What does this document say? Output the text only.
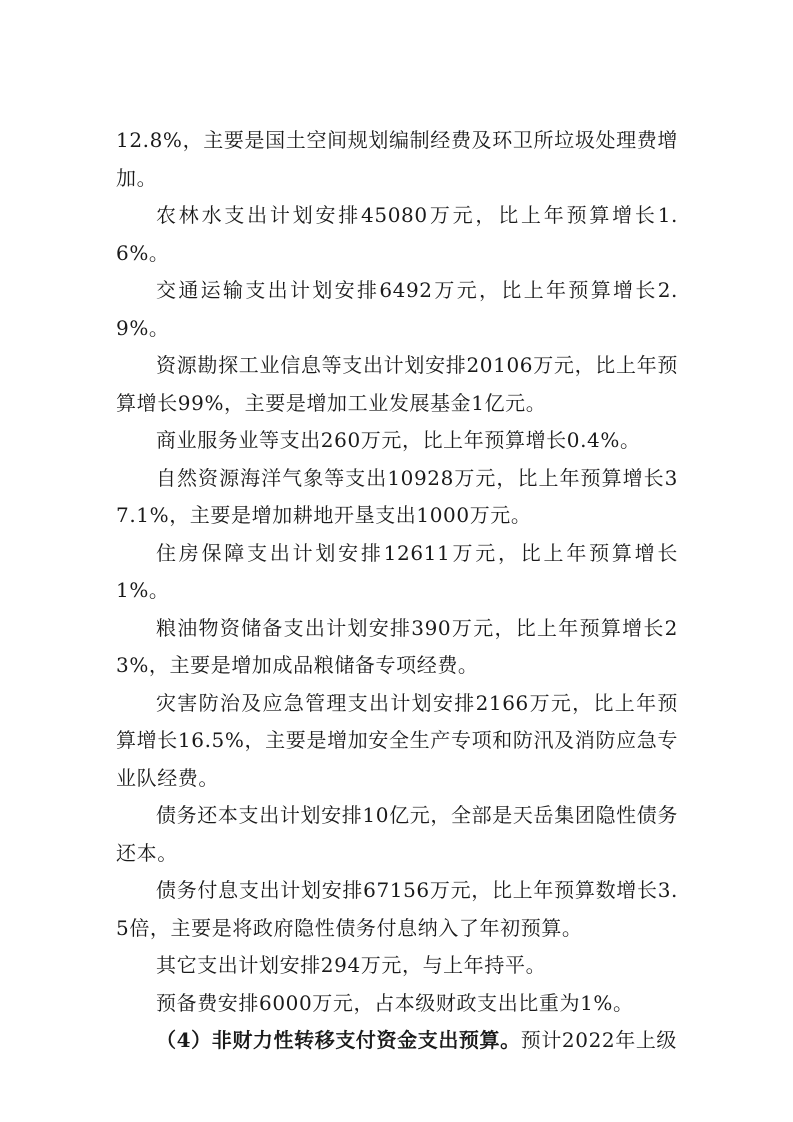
12.8%，主要是国土空间规划编制经费及环卫所垃圾处理费增加。

农林水支出计划安排45080万元，比上年预算增长1.6%。

交通运输支出计划安排6492万元，比上年预算增长2.9%。

资源勘探工业信息等支出计划安排20106万元，比上年预算增长99%，主要是增加工业发展基金1亿元。

商业服务业等支出260万元，比上年预算增长0.4%。

自然资源海洋气象等支出10928万元，比上年预算增长37.1%，主要是增加耕地开垦支出1000万元。

住房保障支出计划安排12611万元，比上年预算增长1%。

粮油物资储备支出计划安排390万元，比上年预算增长23%，主要是增加成品粮储备专项经费。

灾害防治及应急管理支出计划安排2166万元，比上年预算增长16.5%，主要是增加安全生产专项和防汛及消防应急专业队经费。

债务还本支出计划安排10亿元，全部是天岳集团隐性债务还本。

债务付息支出计划安排67156万元，比上年预算数增长3.5倍，主要是将政府隐性债务付息纳入了年初预算。

其它支出计划安排294万元，与上年持平。

预备费安排6000万元，占本级财政支出比重为1%。

（4）非财力性转移支付资金支出预算。预计2022年上级
